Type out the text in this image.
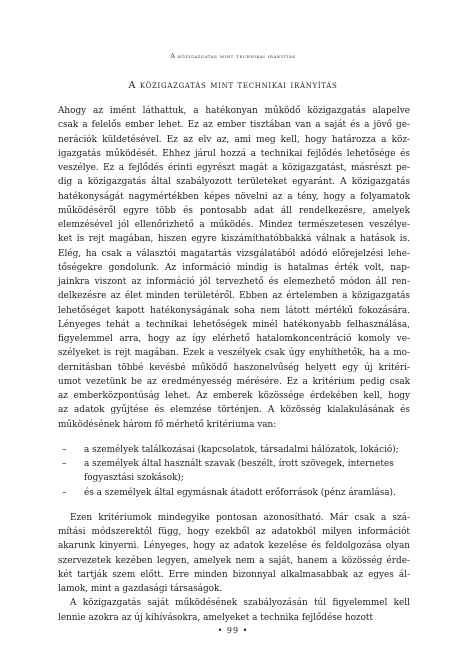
A közigazgatás mint technikai irányítás
A közigazgatás mint technikai irányítás
Ahogy az imént láthattuk, a hatékonyan működő közigazgatás alapelve
csak a felelős ember lehet. Ez az ember tisztában van a saját és a jövő ge-
nerációk küldetésével. Ez az elv az, ami meg kell, hogy határozza a köz-
igazgatás működését. Ehhez járul hozzá a technikai fejlődés lehetősége és
veszélye. Ez a fejlődés érinti egyrészt magát a közigazgatást, másrészt pe-
dig a közigazgatás által szabályozott területeket egyaránt. A közigazgatás
hatékonyságát nagymértékben képes növelni az a tény, hogy a folyamatok
működéséről egyre több és pontosabb adat áll rendelkezésre, amelyek
elemzésével jól ellenőrizhető a működés. Mindez természetesen veszélye-
ket is rejt magában, hiszen egyre kiszámíthatóbbakká válnak a hatások is.
Elég, ha csak a választói magatartás vizsgálatából adódó előrejelzési lehe-
tőségekre gondolunk. Az információ mindig is hatalmas érték volt, nap-
jainkra viszont az információ jól tervezhető és elemezhető módon áll ren-
delkezésre az élet minden területéről. Ebben az értelemben a közigazgatás
lehetőséget kapott hatékonyságának soha nem látott mértékű fokozására.
Lényeges tehát a technikai lehetőségek minél hatékonyabb felhasználása,
figyelemmel arra, hogy az így elérhető hatalomkoncentráció komoly ve-
szélyeket is rejt magában. Ezek a veszélyek csak úgy enyhíthetők, ha a mo-
dernitásban többé kevésbé működő haszonelvűség helyett egy új kritéri-
umot vezetünk be az eredményesség mérésére. Ez a kritérium pedig csak
az emberközpontúság lehet. Az emberek közössége érdekében kell, hogy
az adatok gyűjtése és elemzése történjen. A közösség kialakulásának és
működésének három fő mérhető kritériuma van:
– a személyek találkozásai (kapcsolatok, társadalmi hálózatok, lokáció);
– a személyek által használt szavak (beszélt, írott szövegek, internetes
fogyasztási szokások);
– és a személyek által egymásnak átadott erőforrások (pénz áramlása).
Ezen kritériumok mindegyike pontosan azonosítható. Már csak a szá-
mítási módszerektől függ, hogy ezekből az adatokból milyen információt
akarunk kinyerni. Lényeges, hogy az adatok kezelése és feldolgozása olyan
szervezetek kezében legyen, amelyek nem a saját, hanem a közösség érde-
két tartják szem előtt. Erre minden bizonnyal alkalmasabbak az egyes ál-
lamok, mint a gazdasági társaságok.
A közigazgatás saját működésének szabályozásán túl figyelemmel kell
lennie azokra az új kihívásokra, amelyeket a technika fejlődése hozott
• 99 •
